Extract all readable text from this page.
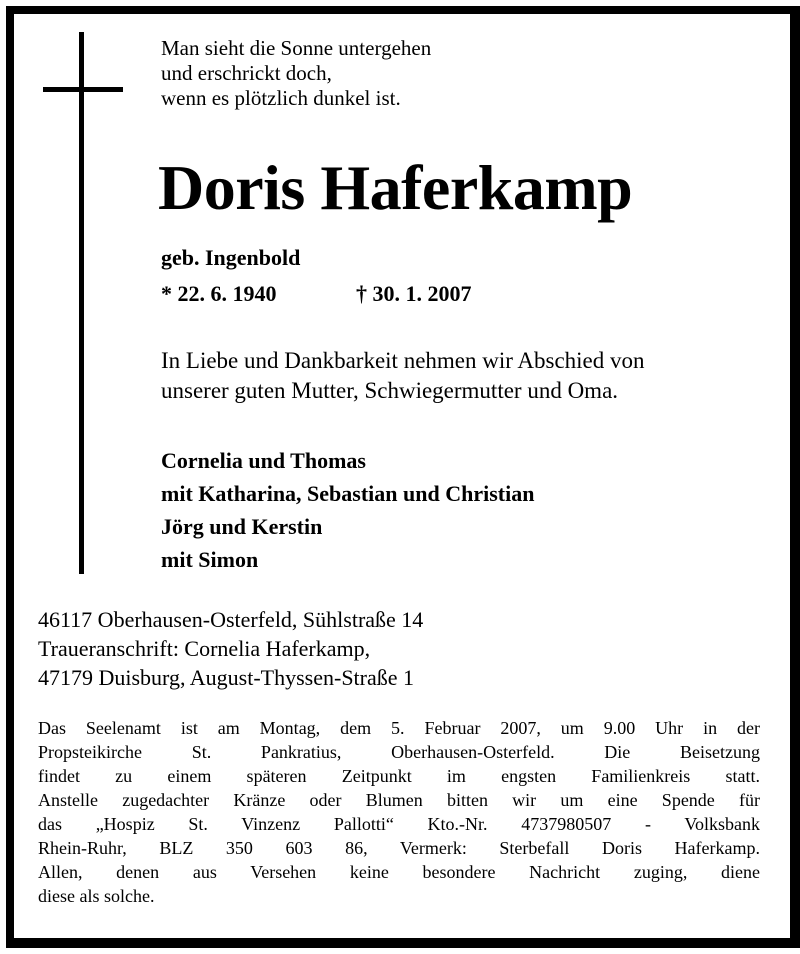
Man sieht die Sonne untergehen
und erschrickt doch,
wenn es plötzlich dunkel ist.
Doris Haferkamp
geb. Ingenbold
* 22. 6. 1940	† 30. 1. 2007
In Liebe und Dankbarkeit nehmen wir Abschied von
unserer guten Mutter, Schwiegermutter und Oma.
Cornelia und Thomas
mit Katharina, Sebastian und Christian
Jörg und Kerstin
mit Simon
46117 Oberhausen-Osterfeld, Sühlstraße 14
Traueranschrift: Cornelia Haferkamp,
47179 Duisburg, August-Thyssen-Straße 1
Das Seelenamt ist am Montag, dem 5. Februar 2007, um 9.00 Uhr in der
Propsteikirche St. Pankratius, Oberhausen-Osterfeld. Die Beisetzung
findet zu einem späteren Zeitpunkt im engsten Familienkreis statt.
Anstelle zugedachter Kränze oder Blumen bitten wir um eine Spende für
das „Hospiz St. Vinzenz Pallotti“ Kto.-Nr. 4737980507 - Volksbank
Rhein-Ruhr, BLZ 350 603 86, Vermerk: Sterbefall Doris Haferkamp.
Allen, denen aus Versehen keine besondere Nachricht zuging, diene
diese als solche.
